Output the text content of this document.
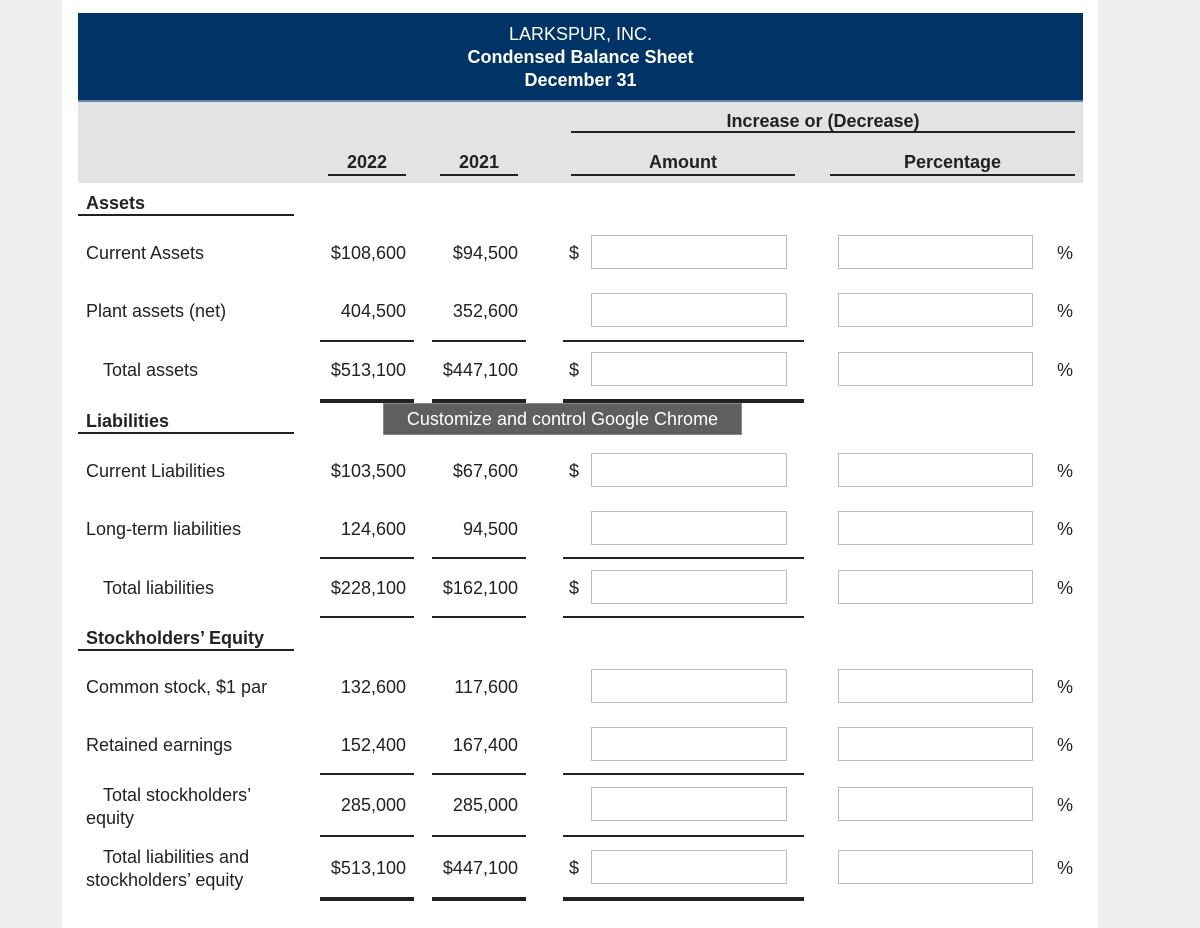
LARKSPUR, INC.
Condensed Balance Sheet
December 31
Increase or (Decrease)
2022	2021	Amount	Percentage
Assets
Current Assets	$108,600	$94,500	$	%
Plant assets (net)	404,500	352,600	%
Total assets	$513,100	$447,100	$	%
Liabilities
Current Liabilities	$103,500	$67,600	$	%
Long-term liabilities	124,600	94,500	%
Total liabilities	$228,100	$162,100	$	%
Stockholders’ Equity
Common stock, $1 par	132,600	117,600	%
Retained earnings	152,400	167,400	%
Total stockholders’
equity
285,000	285,000	%
Total liabilities and
stockholders’ equity
$513,100	$447,100	$	%
Customize and control Google Chrome
